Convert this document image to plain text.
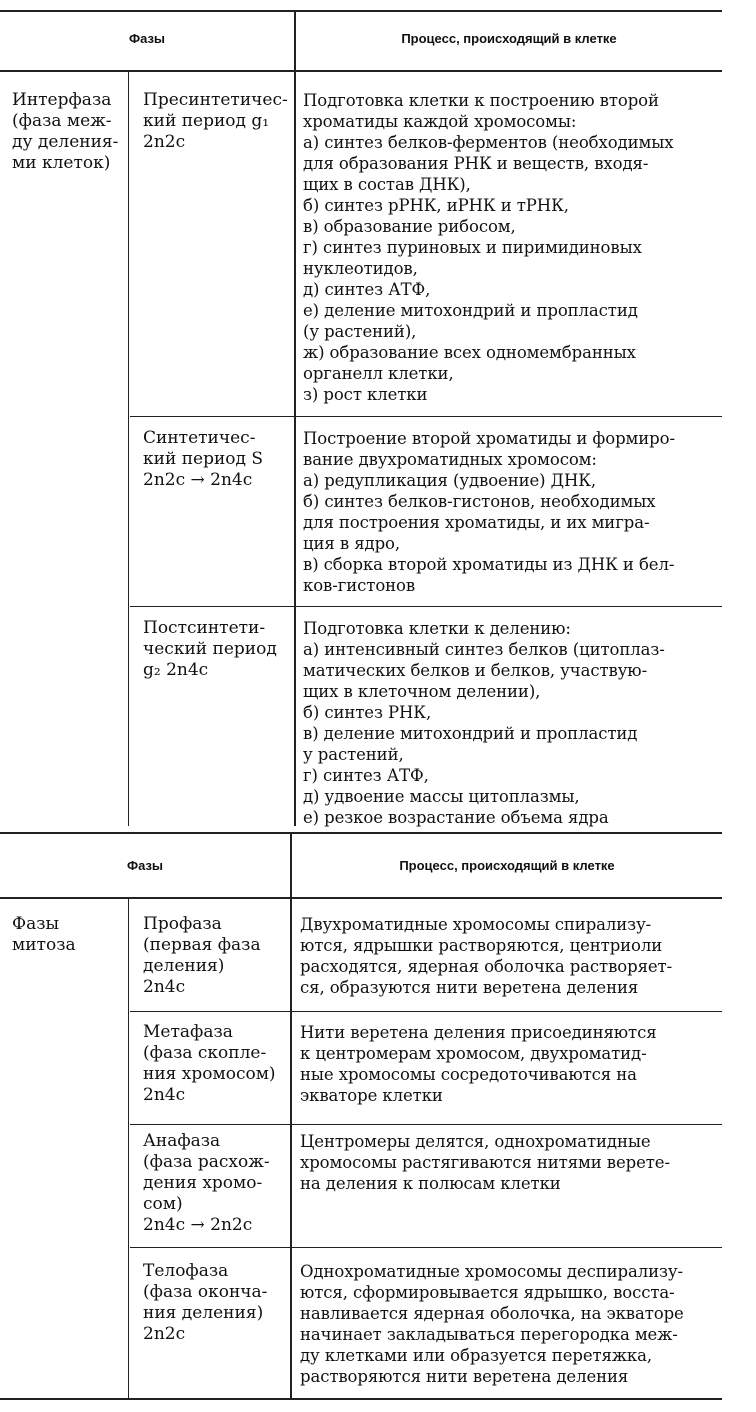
Фазы	Процесс, происходящий в клетке
Интерфаза
(фаза меж-
ду деления-
ми клеток)
Пресинтетичес-
кий период g₁
2n2c
Подготовка клетки к построению второй
хроматиды каждой хромосомы:
а) синтез белков-ферментов (необходимых
для образования РНК и веществ, входя-
щих в состав ДНК),
б) синтез рРНК, иРНК и тРНК,
в) образование рибосом,
г) синтез пуриновых и пиримидиновых
нуклеотидов,
д) синтез АТФ,
е) деление митохондрий и пропластид
(у растений),
ж) образование всех одномембранных
органелл клетки,
з) рост клетки
Синтетичес-
кий период S
2n2c → 2n4c
Построение второй хроматиды и формиро-
вание двухроматидных хромосом:
а) редупликация (удвоение) ДНК,
б) синтез белков-гистонов, необходимых
для построения хроматиды, и их мигра-
ция в ядро,
в) сборка второй хроматиды из ДНК и бел-
ков-гистонов
Постсинтети-
ческий период
g₂ 2n4c
Подготовка клетки к делению:
а) интенсивный синтез белков (цитоплаз-
матических белков и белков, участвую-
щих в клеточном делении),
б) синтез РНК,
в) деление митохондрий и пропластид
у растений,
г) синтез АТФ,
д) удвоение массы цитоплазмы,
е) резкое возрастание объема ядра
Фазы	Процесс, происходящий в клетке
Фазы
митоза
Профаза
(первая фаза
деления)
2n4c
Двухроматидные хромосомы спирализу-
ются, ядрышки растворяются, центриоли
расходятся, ядерная оболочка растворяет-
ся, образуются нити веретена деления
Метафаза
(фаза скопле-
ния хромосом)
2n4c
Нити веретена деления присоединяются
к центромерам хромосом, двухроматид-
ные хромосомы сосредоточиваются на
экваторе клетки
Анафаза
(фаза расхож-
дения хромо-
сом)
2n4c → 2n2c
Центромеры делятся, однохроматидные
хромосомы растягиваются нитями верете-
на деления к полюсам клетки
Телофаза
(фаза оконча-
ния деления)
2n2c
Однохроматидные хромосомы деспирализу-
ются, сформировывается ядрышко, восста-
навливается ядерная оболочка, на экваторе
начинает закладываться перегородка меж-
ду клетками или образуется перетяжка,
растворяются нити веретена деления
